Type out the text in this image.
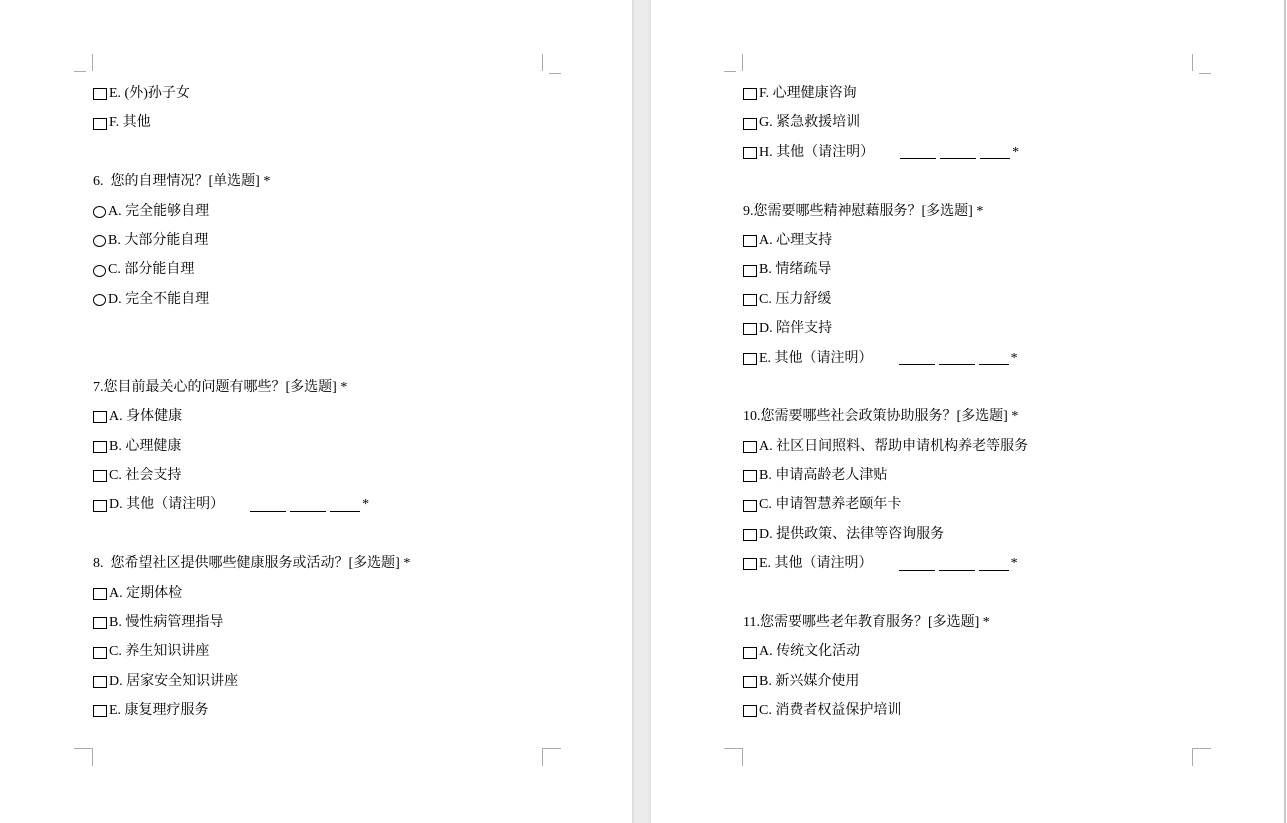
E. (外)孙子女
F. 其他
6.  您的自理情况？[单选题] *
A. 完全能够自理
B. 大部分能自理
C. 部分能自理
D. 完全不能自理
7.您目前最关心的问题有哪些？[多选题] *
A. 身体健康
B. 心理健康
C. 社会支持
D. 其他（请注明）	*
8.  您希望社区提供哪些健康服务或活动？[多选题] *
A. 定期体检
B. 慢性病管理指导
C. 养生知识讲座
D. 居家安全知识讲座
E. 康复理疗服务
F. 心理健康咨询
G. 紧急救援培训
H. 其他（请注明）	*
9.您需要哪些精神慰藉服务？[多选题] *
A. 心理支持
B. 情绪疏导
C. 压力舒缓
D. 陪伴支持
E. 其他（请注明）	*
10.您需要哪些社会政策协助服务？[多选题] *
A. 社区日间照料、帮助申请机构养老等服务
B. 申请高龄老人津贴
C. 申请智慧养老颐年卡
D. 提供政策、法律等咨询服务
E. 其他（请注明）	*
11.您需要哪些老年教育服务？[多选题] *
A. 传统文化活动
B. 新兴媒介使用
C. 消费者权益保护培训
